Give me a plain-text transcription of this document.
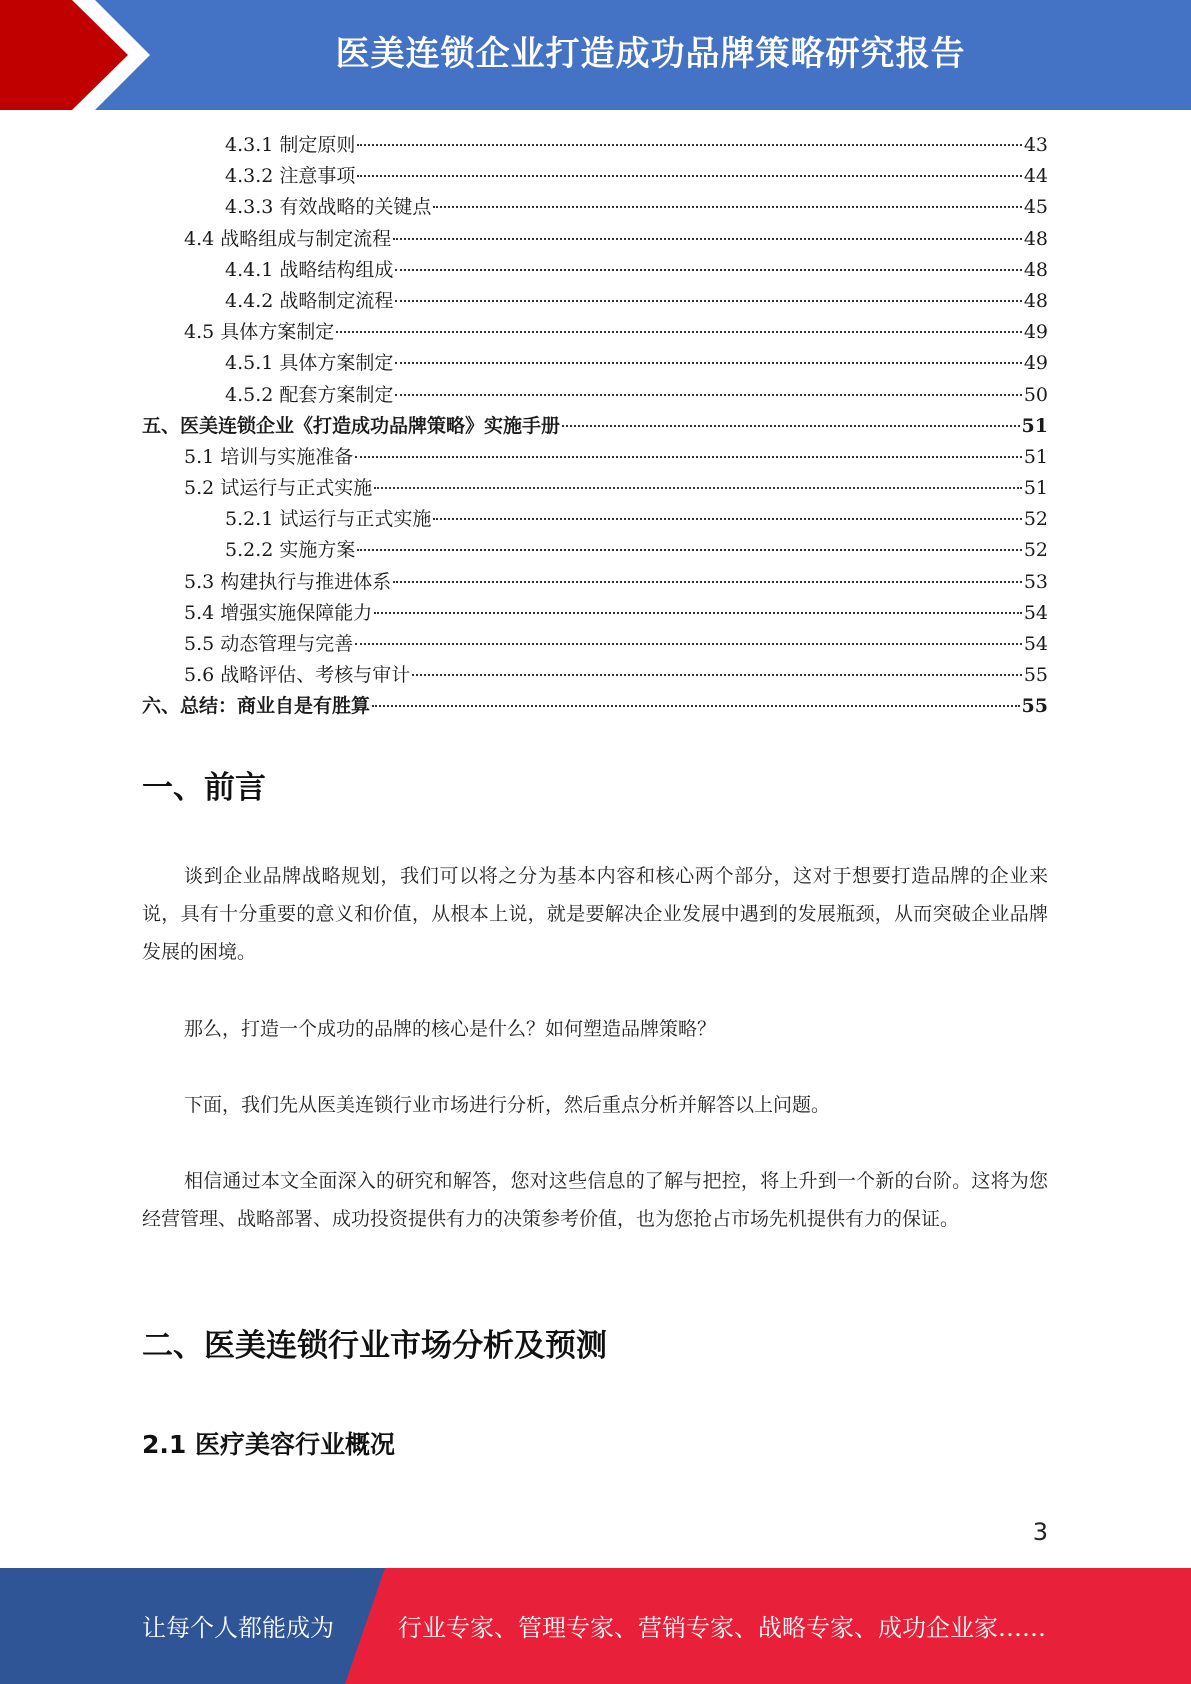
医美连锁企业打造成功品牌策略研究报告
4.3.1 制定原则	43
4.3.2 注意事项	44
4.3.3 有效战略的关键点	45
4.4 战略组成与制定流程	48
4.4.1 战略结构组成	48
4.4.2 战略制定流程	48
4.5 具体方案制定	49
4.5.1 具体方案制定	49
4.5.2 配套方案制定	50
五、医美连锁企业《打造成功品牌策略》实施手册	51
5.1 培训与实施准备	51
5.2 试运行与正式实施	51
5.2.1 试运行与正式实施	52
5.2.2 实施方案	52
5.3 构建执行与推进体系	53
5.4 增强实施保障能力	54
5.5 动态管理与完善	54
5.6 战略评估、考核与审计	55
六、总结：商业自是有胜算	55
一、前言
谈到企业品牌战略规划，我们可以将之分为基本内容和核心两个部分，这对于想要打造品牌的企业来说，具有十分重要的意义和价值，从根本上说，就是要解决企业发展中遇到的发展瓶颈，从而突破企业品牌发展的困境。
那么，打造一个成功的品牌的核心是什么？如何塑造品牌策略？
下面，我们先从医美连锁行业市场进行分析，然后重点分析并解答以上问题。
相信通过本文全面深入的研究和解答，您对这些信息的了解与把控，将上升到一个新的台阶。这将为您经营管理、战略部署、成功投资提供有力的决策参考价值，也为您抢占市场先机提供有力的保证。
二、医美连锁行业市场分析及预测
2.1 医疗美容行业概况
3
让每个人都能成为	行业专家、管理专家、营销专家、战略专家、成功企业家……
